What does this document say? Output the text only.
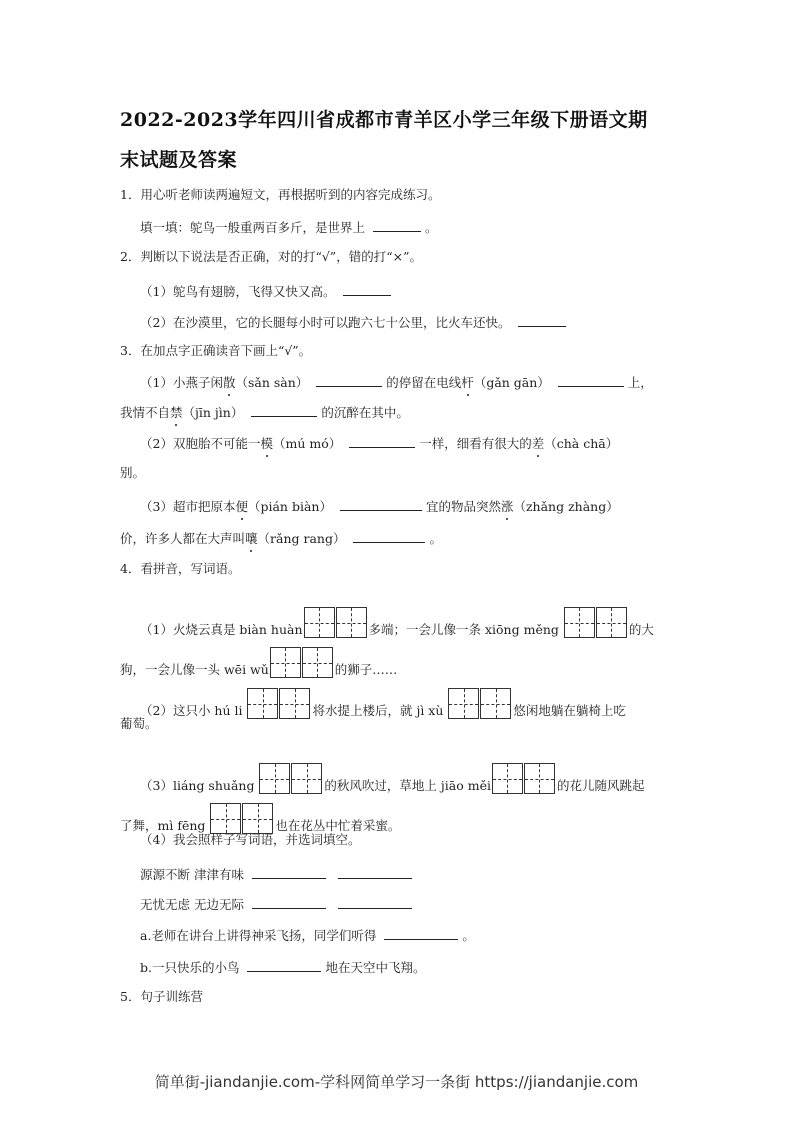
2022-2023学年四川省成都市青羊区小学三年级下册语文期
末试题及答案
1．用心听老师读两遍短文，再根据听到的内容完成练习。
填一填：鸵鸟一般重两百多斤，是世界上	。
2．判断以下说法是否正确，对的打“√”，错的打“×”。
（1）鸵鸟有翅膀，飞得又快又高。
（2）在沙漠里，它的长腿每小时可以跑六七十公里，比火车还快。
3．在加点字正确读音下画上“√”。
（1）小燕子闲散（sǎn sàn）	的停留在电线杆（gǎn gān）	上，
我情不自禁（jīn jìn）	的沉醉在其中。
（2）双胞胎不可能一模（mú mó）	一样，细看有很大的差（chà chā）
别。
（3）超市把原本便（pián biàn）	宜的物品突然涨（zhǎng zhàng）
价，许多人都在大声叫嚷（rǎng rang）	。
4．看拼音，写词语。
（1）火烧云真是 biàn huàn	多端；一会儿像一条 xiōng měng	的大
狗，一会儿像一头 wēi wǔ	的狮子……
（2）这只小 hú li	将水提上楼后，就 jì xù	悠闲地躺在躺椅上吃
葡萄。
（3）liáng shuǎng	的秋风吹过，草地上 jiāo měi	的花儿随风跳起
了舞，mì fēng	也在花丛中忙着采蜜。
（4）我会照样子写词语，并选词填空。
源源不断 津津有味
无忧无虑 无边无际
a.老师在讲台上讲得神采飞扬，同学们听得	。
b.一只快乐的小鸟	地在天空中飞翔。
5．句子训练营
简单街-jiandanjie.com-学科网简单学习一条街 https://jiandanjie.com
